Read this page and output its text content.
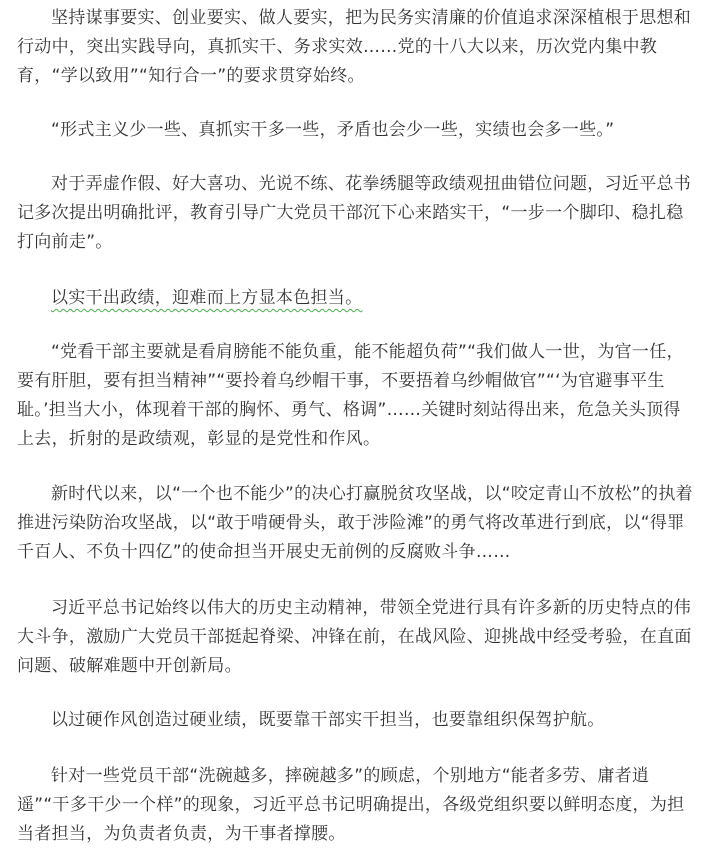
坚持谋事要实、创业要实、做人要实，把为民务实清廉的价值追求深深植根于思想和行动中，突出实践导向，真抓实干、务求实效……党的十八大以来，历次党内集中教育，“学以致用”“知行合一”的要求贯穿始终。

“形式主义少一些、真抓实干多一些，矛盾也会少一些，实绩也会多一些。”

对于弄虚作假、好大喜功、光说不练、花拳绣腿等政绩观扭曲错位问题，习近平总书记多次提出明确批评，教育引导广大党员干部沉下心来踏实干，“一步一个脚印、稳扎稳打向前走”。

以实干出政绩，迎难而上方显本色担当。

“党看干部主要就是看肩膀能不能负重，能不能超负荷”“我们做人一世，为官一任，要有肝胆，要有担当精神”“要拎着乌纱帽干事，不要捂着乌纱帽做官”“‘为官避事平生耻。’担当大小，体现着干部的胸怀、勇气、格调”……关键时刻站得出来，危急关头顶得上去，折射的是政绩观，彰显的是党性和作风。

新时代以来，以“一个也不能少”的决心打赢脱贫攻坚战，以“咬定青山不放松”的执着推进污染防治攻坚战，以“敢于啃硬骨头，敢于涉险滩”的勇气将改革进行到底，以“得罪千百人、不负十四亿”的使命担当开展史无前例的反腐败斗争……

习近平总书记始终以伟大的历史主动精神，带领全党进行具有许多新的历史特点的伟大斗争，激励广大党员干部挺起脊梁、冲锋在前，在战风险、迎挑战中经受考验，在直面问题、破解难题中开创新局。

以过硬作风创造过硬业绩，既要靠干部实干担当，也要靠组织保驾护航。

针对一些党员干部“洗碗越多，摔碗越多”的顾虑，个别地方“能者多劳、庸者逍遥”“干多干少一个样”的现象，习近平总书记明确提出，各级党组织要以鲜明态度，为担当者担当，为负责者负责，为干事者撑腰。
